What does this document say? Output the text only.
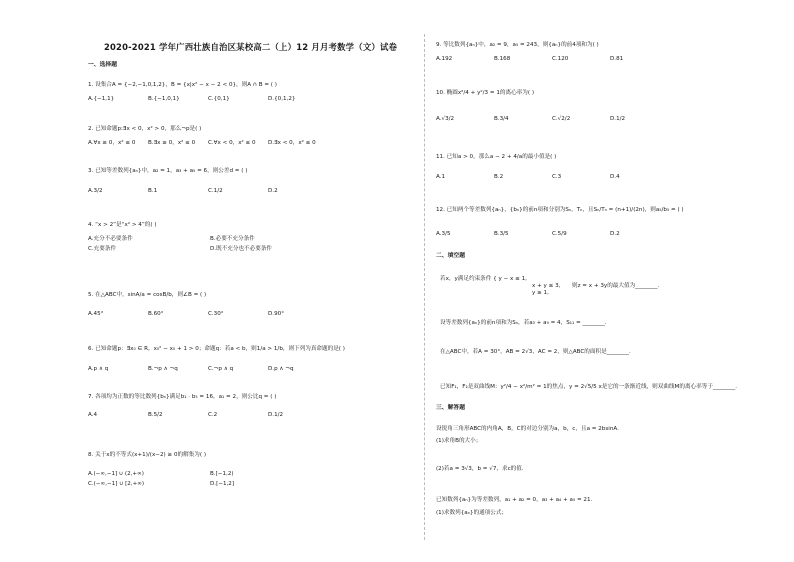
2020-2021 学年广西壮族自治区某校高二（上）12 月月考数学（文）试卷
一、选择题
1. 设集合A = {−2,−1,0,1,2}，B = {x|x² − x − 2 < 0}，则A ∩ B = ( )
A.{−1,1}	B.{−1,0,1}	C.{0,1}	D.{0,1,2}
2. 已知命题p:∃x < 0，x² > 0，那么¬p是( )
A.∀x ≥ 0，x² ≤ 0	B.∃x ≥ 0，x² ≤ 0	C.∀x < 0，x² ≤ 0	D.∃x < 0，x² ≤ 0
3. 已知等差数列{aₙ}中，a₂ = 1，a₃ + a₅ = 6，则公差d = ( )
A.3/2	B.1	C.1/2	D.2
4. “x > 2”是“x² > 4”的( )
A.充分不必要条件	B.必要不充分条件
C.充要条件	D.既不充分也不必要条件
5. 在△ABC中，sinA/a = cosB/b，则∠B = ( )
A.45°	B.60°	C.30°	D.90°
6. 已知命题p：∃x₀ ∈ R，x₀² − x₀ + 1 > 0；命题q：若a < b，则1/a > 1/b，则下列为真命题的是( )
A.p ∧ q	B.¬p ∧ ¬q	C.¬p ∧ q	D.p ∧ ¬q
7. 各项均为正数的等比数列{bₙ}满足b₁ · b₅ = 16，a₁ = 2，则公比q = ( )
A.4	B.5/2	C.2	D.1/2
8. 关于x的不等式(x+1)/(x−2) ≥ 0的解集为( )
A.(−∞,−1] ∪ (2,+∞)	B.[−1,2)
C.(−∞,−1] ∪ [2,+∞)	D.[−1,2]
9. 等比数列{aₙ}中，a₂ = 9，a₅ = 243，则{aₙ}的前4项和为( )
A.192	B.168	C.120	D.81
10. 椭圆x²/4 + y²/3 = 1的离心率为( )
A.√3/2	B.3/4	C.√2/2	D.1/2
11. 已知a > 0，那么a − 2 + 4/a的最小值是( )
A.1	B.2	C.3	D.4
12. 已知两个等差数列{aₙ}，{bₙ}的前n项和分别为Sₙ，Tₙ，且Sₙ/Tₙ = (n+1)/(2n)，则a₅/b₅ = ( )
A.3/5	B.3/5	C.5/9	D.2
二、填空题
若x，y满足约束条件 { y − x ≤ 1,
x + y ≤ 3,
y ≥ 1,
则z = x + 3y的最大值为________.
设等差数列{aₙ}的前n项和为Sₙ，若a₃ + a₉ = 4，S₁₁ = ________.
在△ABC中，若A = 30°，AB = 2√3，AC = 2，则△ABC的面积是________.
已知F₁，F₂是双曲线M：y²/4 − x²/m² = 1的焦点，y = 2√5/5 x是它的一条渐近线，则双曲线M的离心率等于________.
三、解答题
设锐角三角形ABC的内角A，B，C的对边分别为a，b，c，且a = 2bsinA.
(1)求角B的大小；
(2)若a = 3√3，b = √7，求c的值.
已知数列{aₙ}为等差数列，a₁ + a₂ = 0，a₃ + a₄ + a₅ = 21.
(1)求数列{aₙ}的通项公式；
